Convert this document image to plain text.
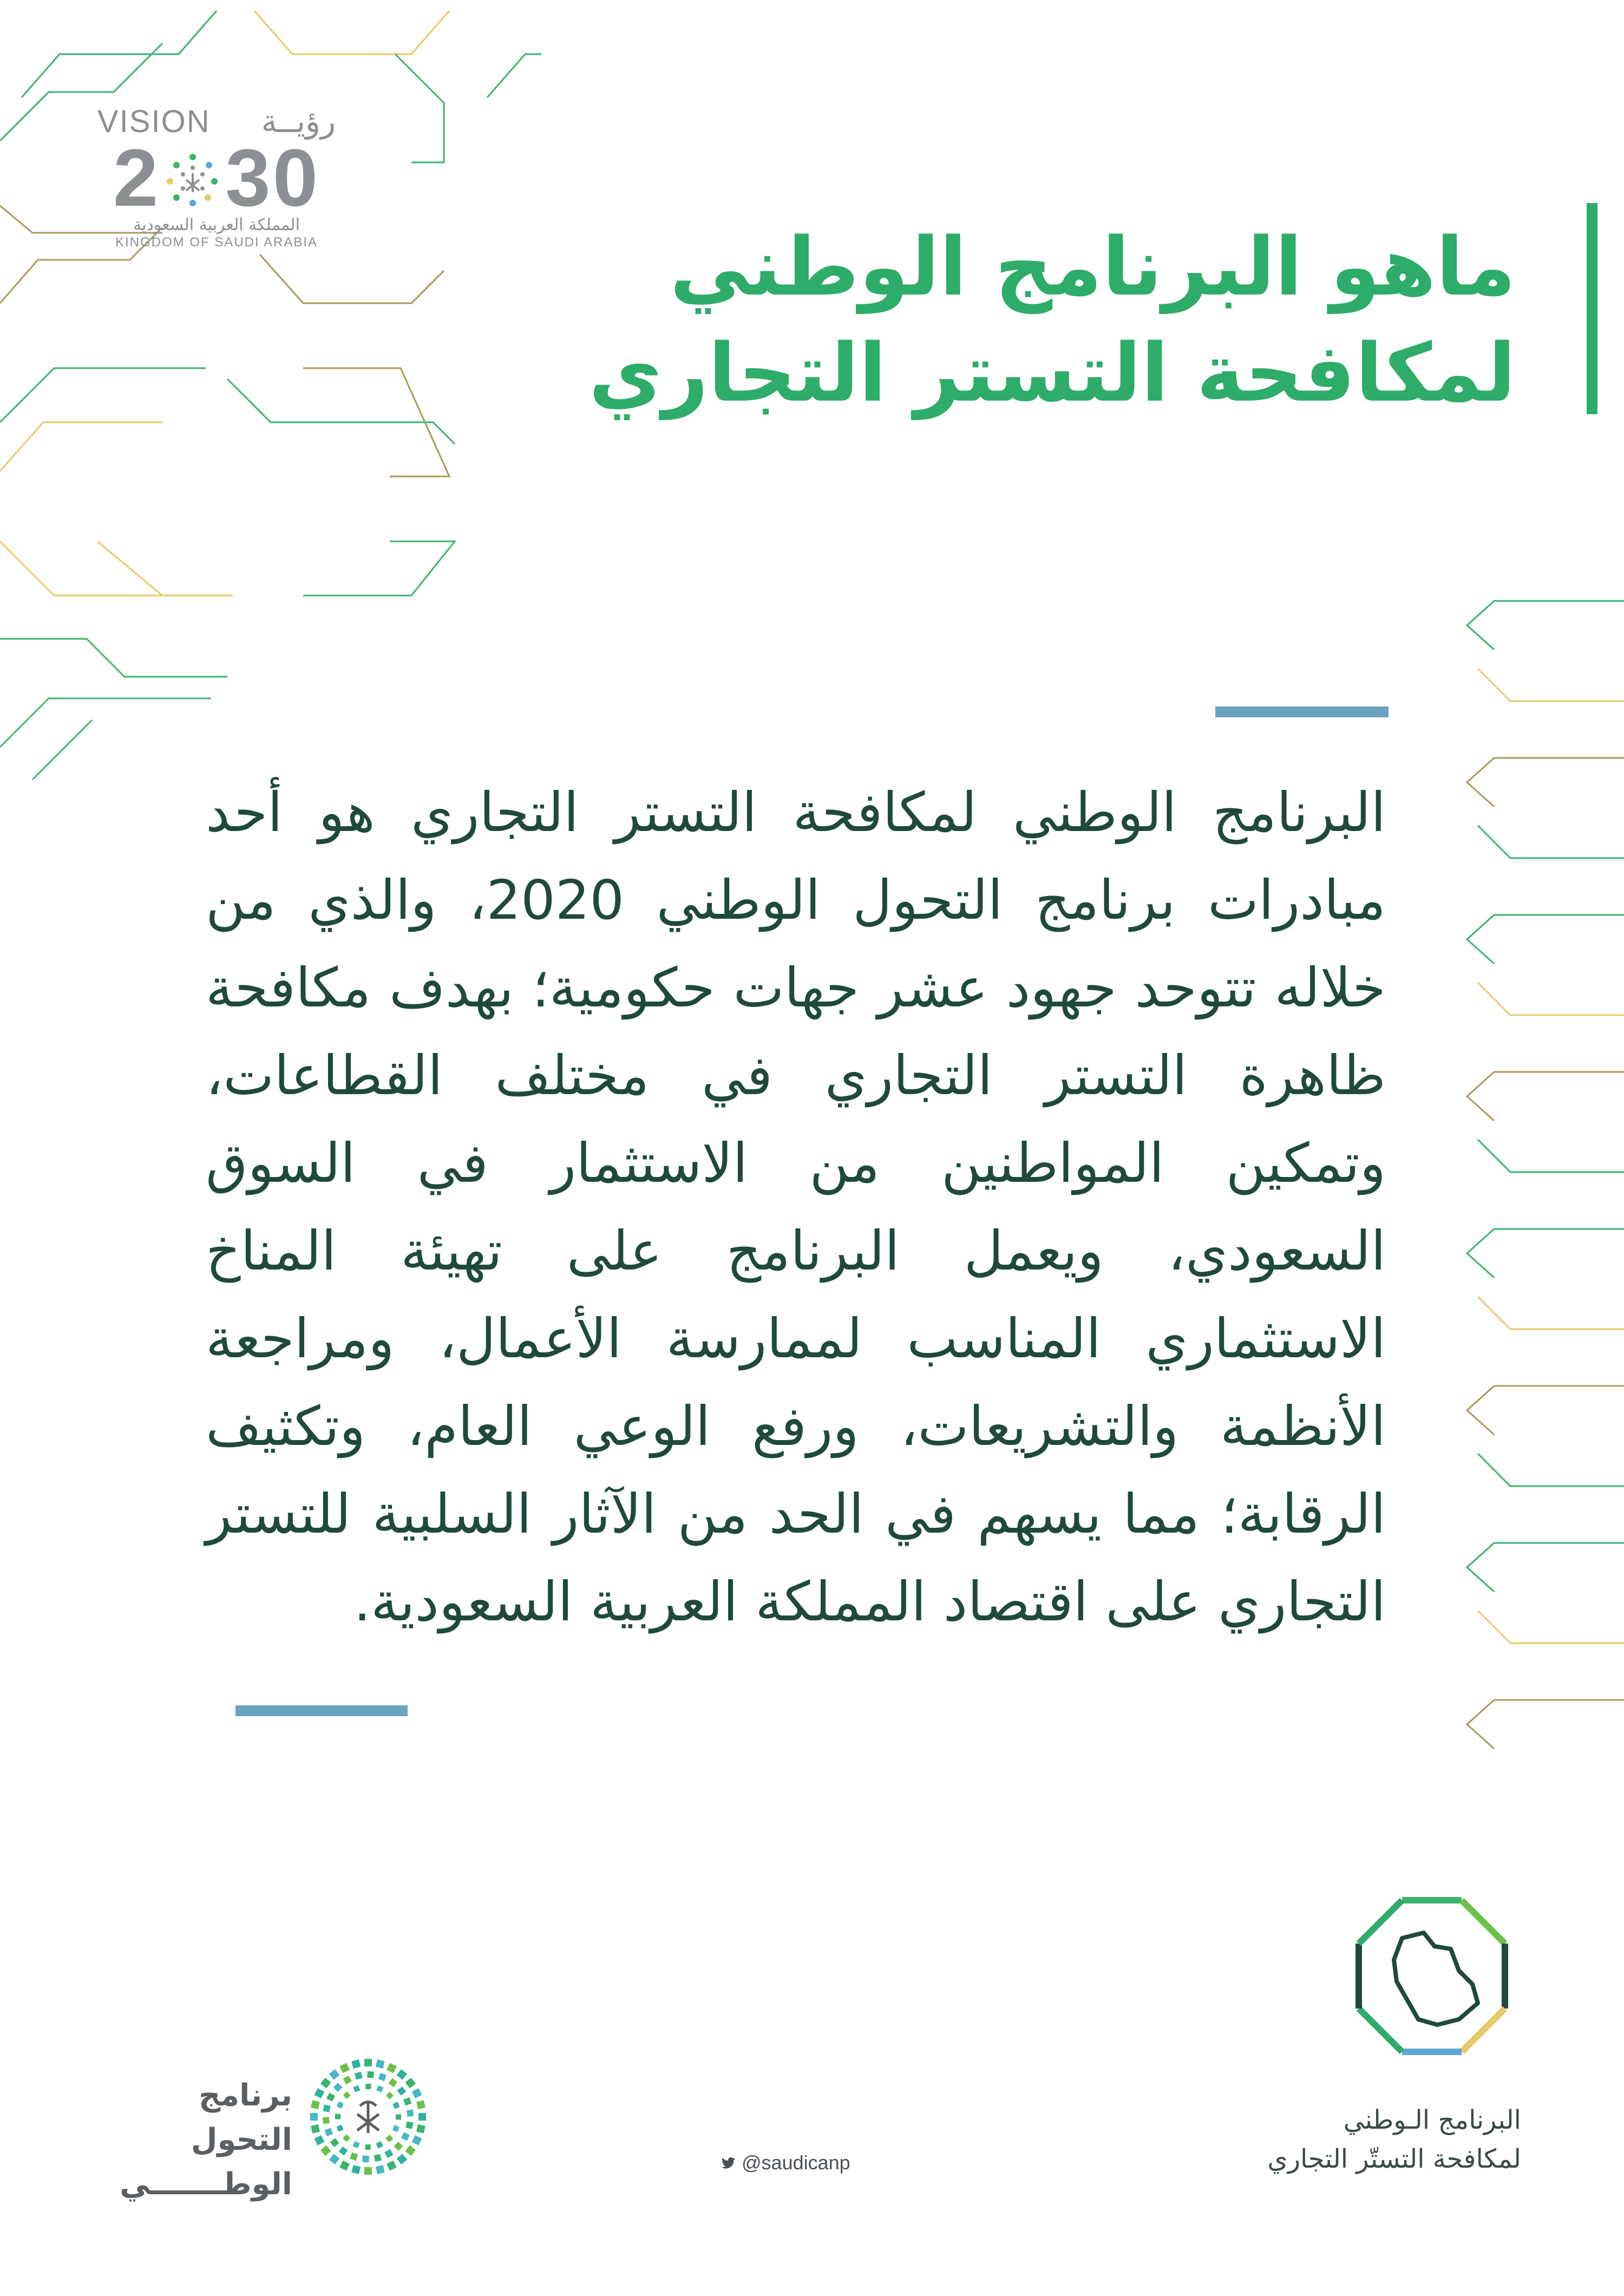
VISION رؤيــة
2 30
المملكة العربية السعودية
KINGDOM OF SAUDI ARABIA	ماهو البرنامج الوطني

لمكافحة التستر التجاري

البرنامج الوطني لمكافحة التستر التجاري هو أحد مبادرات برنامج التحول الوطني 2020، والذي من خلاله تتوحد جهود عشر جهات حكومية؛ بهدف مكافحة ظاهرة التستر التجاري في مختلف القطاعات، وتمكين المواطنين من الاستثمار في السوق السعودي، ويعمل البرنامج على تهيئة المناخ الاستثماري المناسب لممارسة الأعمال، ومراجعة الأنظمة والتشريعات، ورفع الوعي العام، وتكثيف الرقابة؛ مما يسهم في الحد من الآثار السلبية للتستر التجاري على اقتصاد المملكة العربية السعودية.

برنامج التحول
الوطـــــــي
@saudicanp
البرنامج الـوطني
لمكافحة التستّر التجاري
